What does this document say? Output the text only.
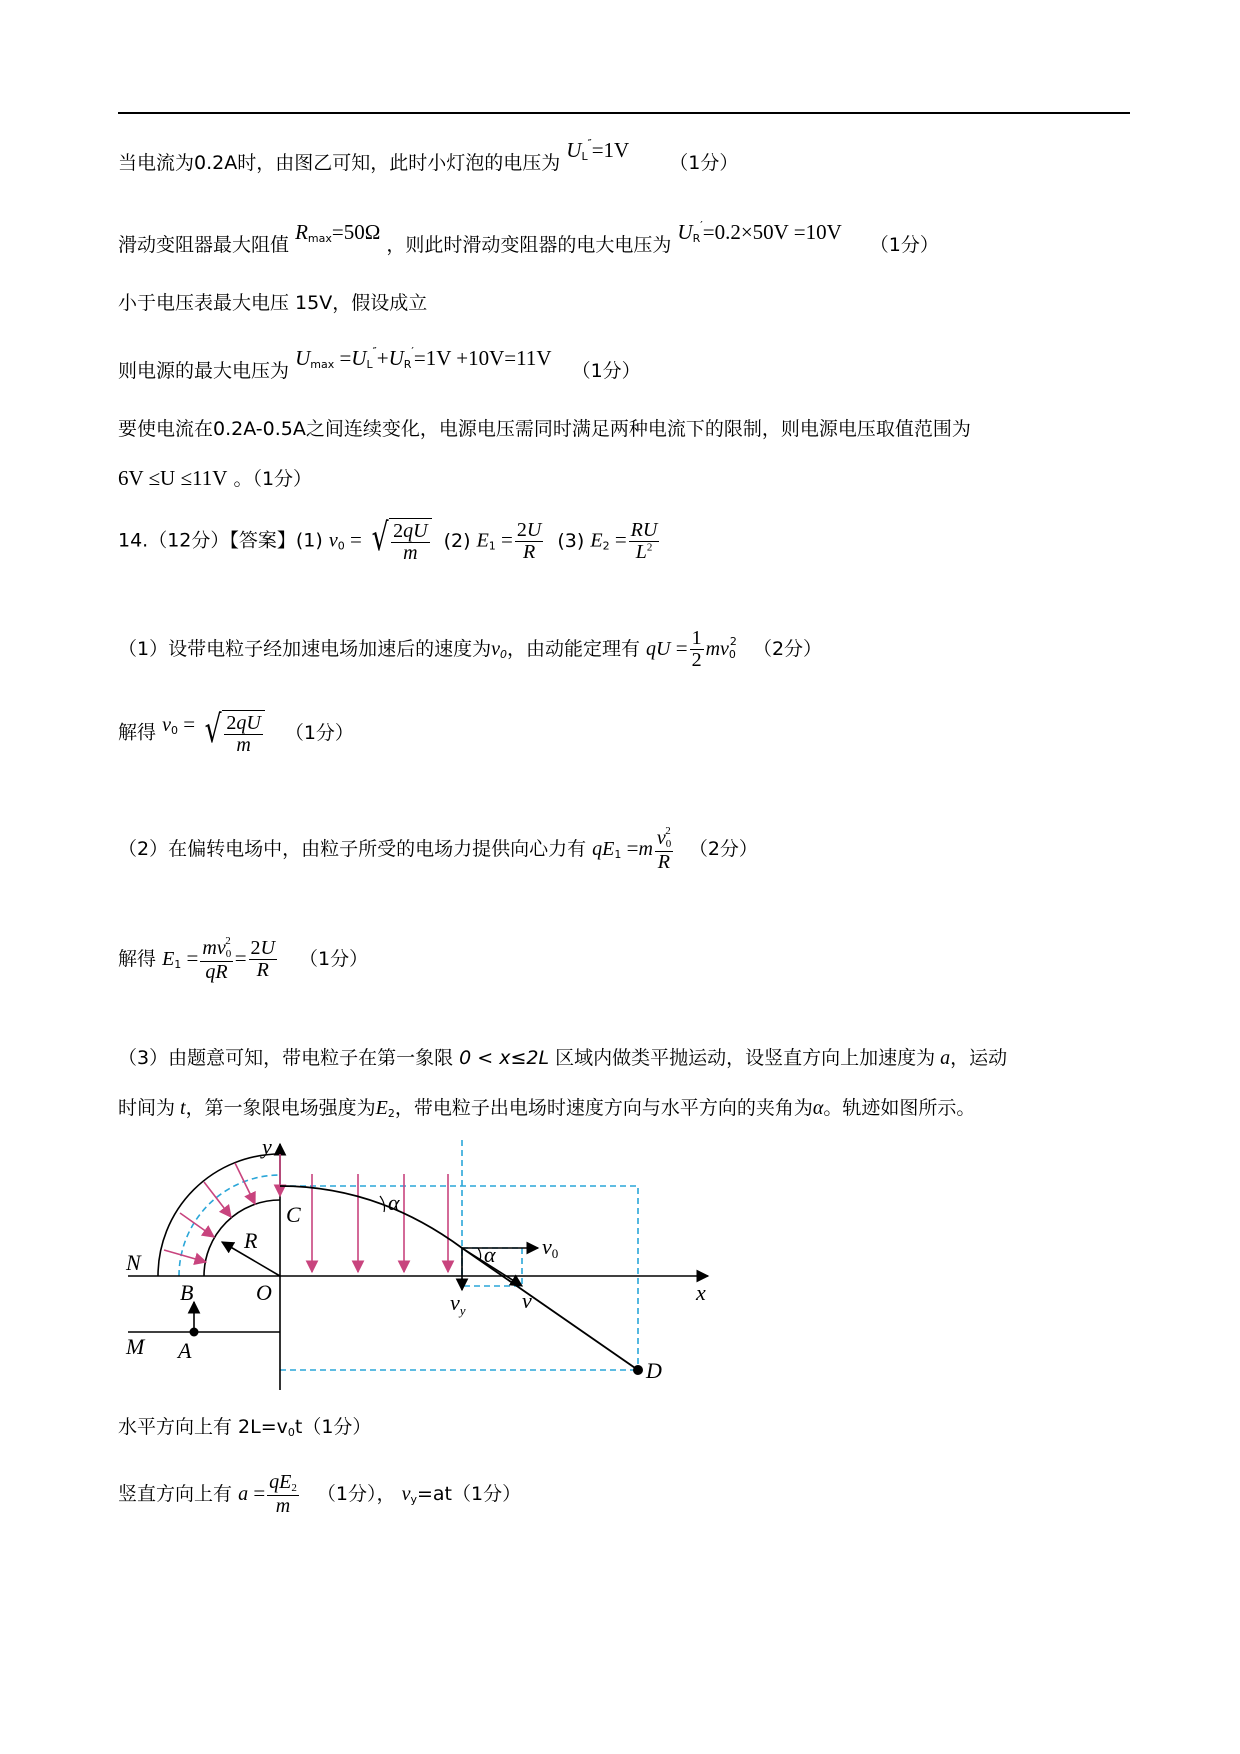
当电流为0.2A时，由图乙可知，此时小灯泡的电压为 $U_L''=1V$ （1分）
滑动变阻器最大阻值 $R_{max}=50\Omega$ ，则此时滑动变阻器的电大电压为 $U_R'=0.2\times 50V =10V$ （1分）
小于电压表最大电压 15V，假设成立
则电源的最大电压为 $U_{max} =U_L''+U_R'=1V +10V=11V$ （1分）
要使电流在0.2A-0.5A之间连续变化，电源电压需同时满足两种电流下的限制，则电源电压取值范围为
6V ≤U ≤11V 。（1分）
14.（12分）【答案】(1) $v_0$ = √ $\frac{2qU}{m} (2) E_1 = \frac{2U}{R} (3) E_2 = \frac{RU}{L^2}$
（1）设带电粒子经加速电场加速后的速度为$v_0$，由动能定理有 qU = $\frac{1}{2} mv_0^2$ （2分）
解得 $v^0$ = √ $\frac{2qU}{m} (1$分）
（2）在偏转电场中，由粒子所受的电场力提供向心力有 $qE_1 =m \frac{v_0^2}{R} (2$分）
解得 $E_1 = \frac{mv_0^2}{qR} = \frac{2U}{R} (1$分）
（3）由题意可知，带电粒子在第一象限 0 < x≤2L 区域内做类平抛运动，设竖直方向上加速度为 a，运动
时间为 t，第一象限电场强度为$E_2$，带电粒子出电场时速度方向与水平方向的夹角为α。轨迹如图所示。
y
x
N
M
B
A
O
C
R
D
α
α v0
$v_y$	v
水平方向上有 $2L=v_0t(1$分）
竖直方向上有 $a = \frac{qE_2}{m} (1$分）， $v_y=at(1$分）
